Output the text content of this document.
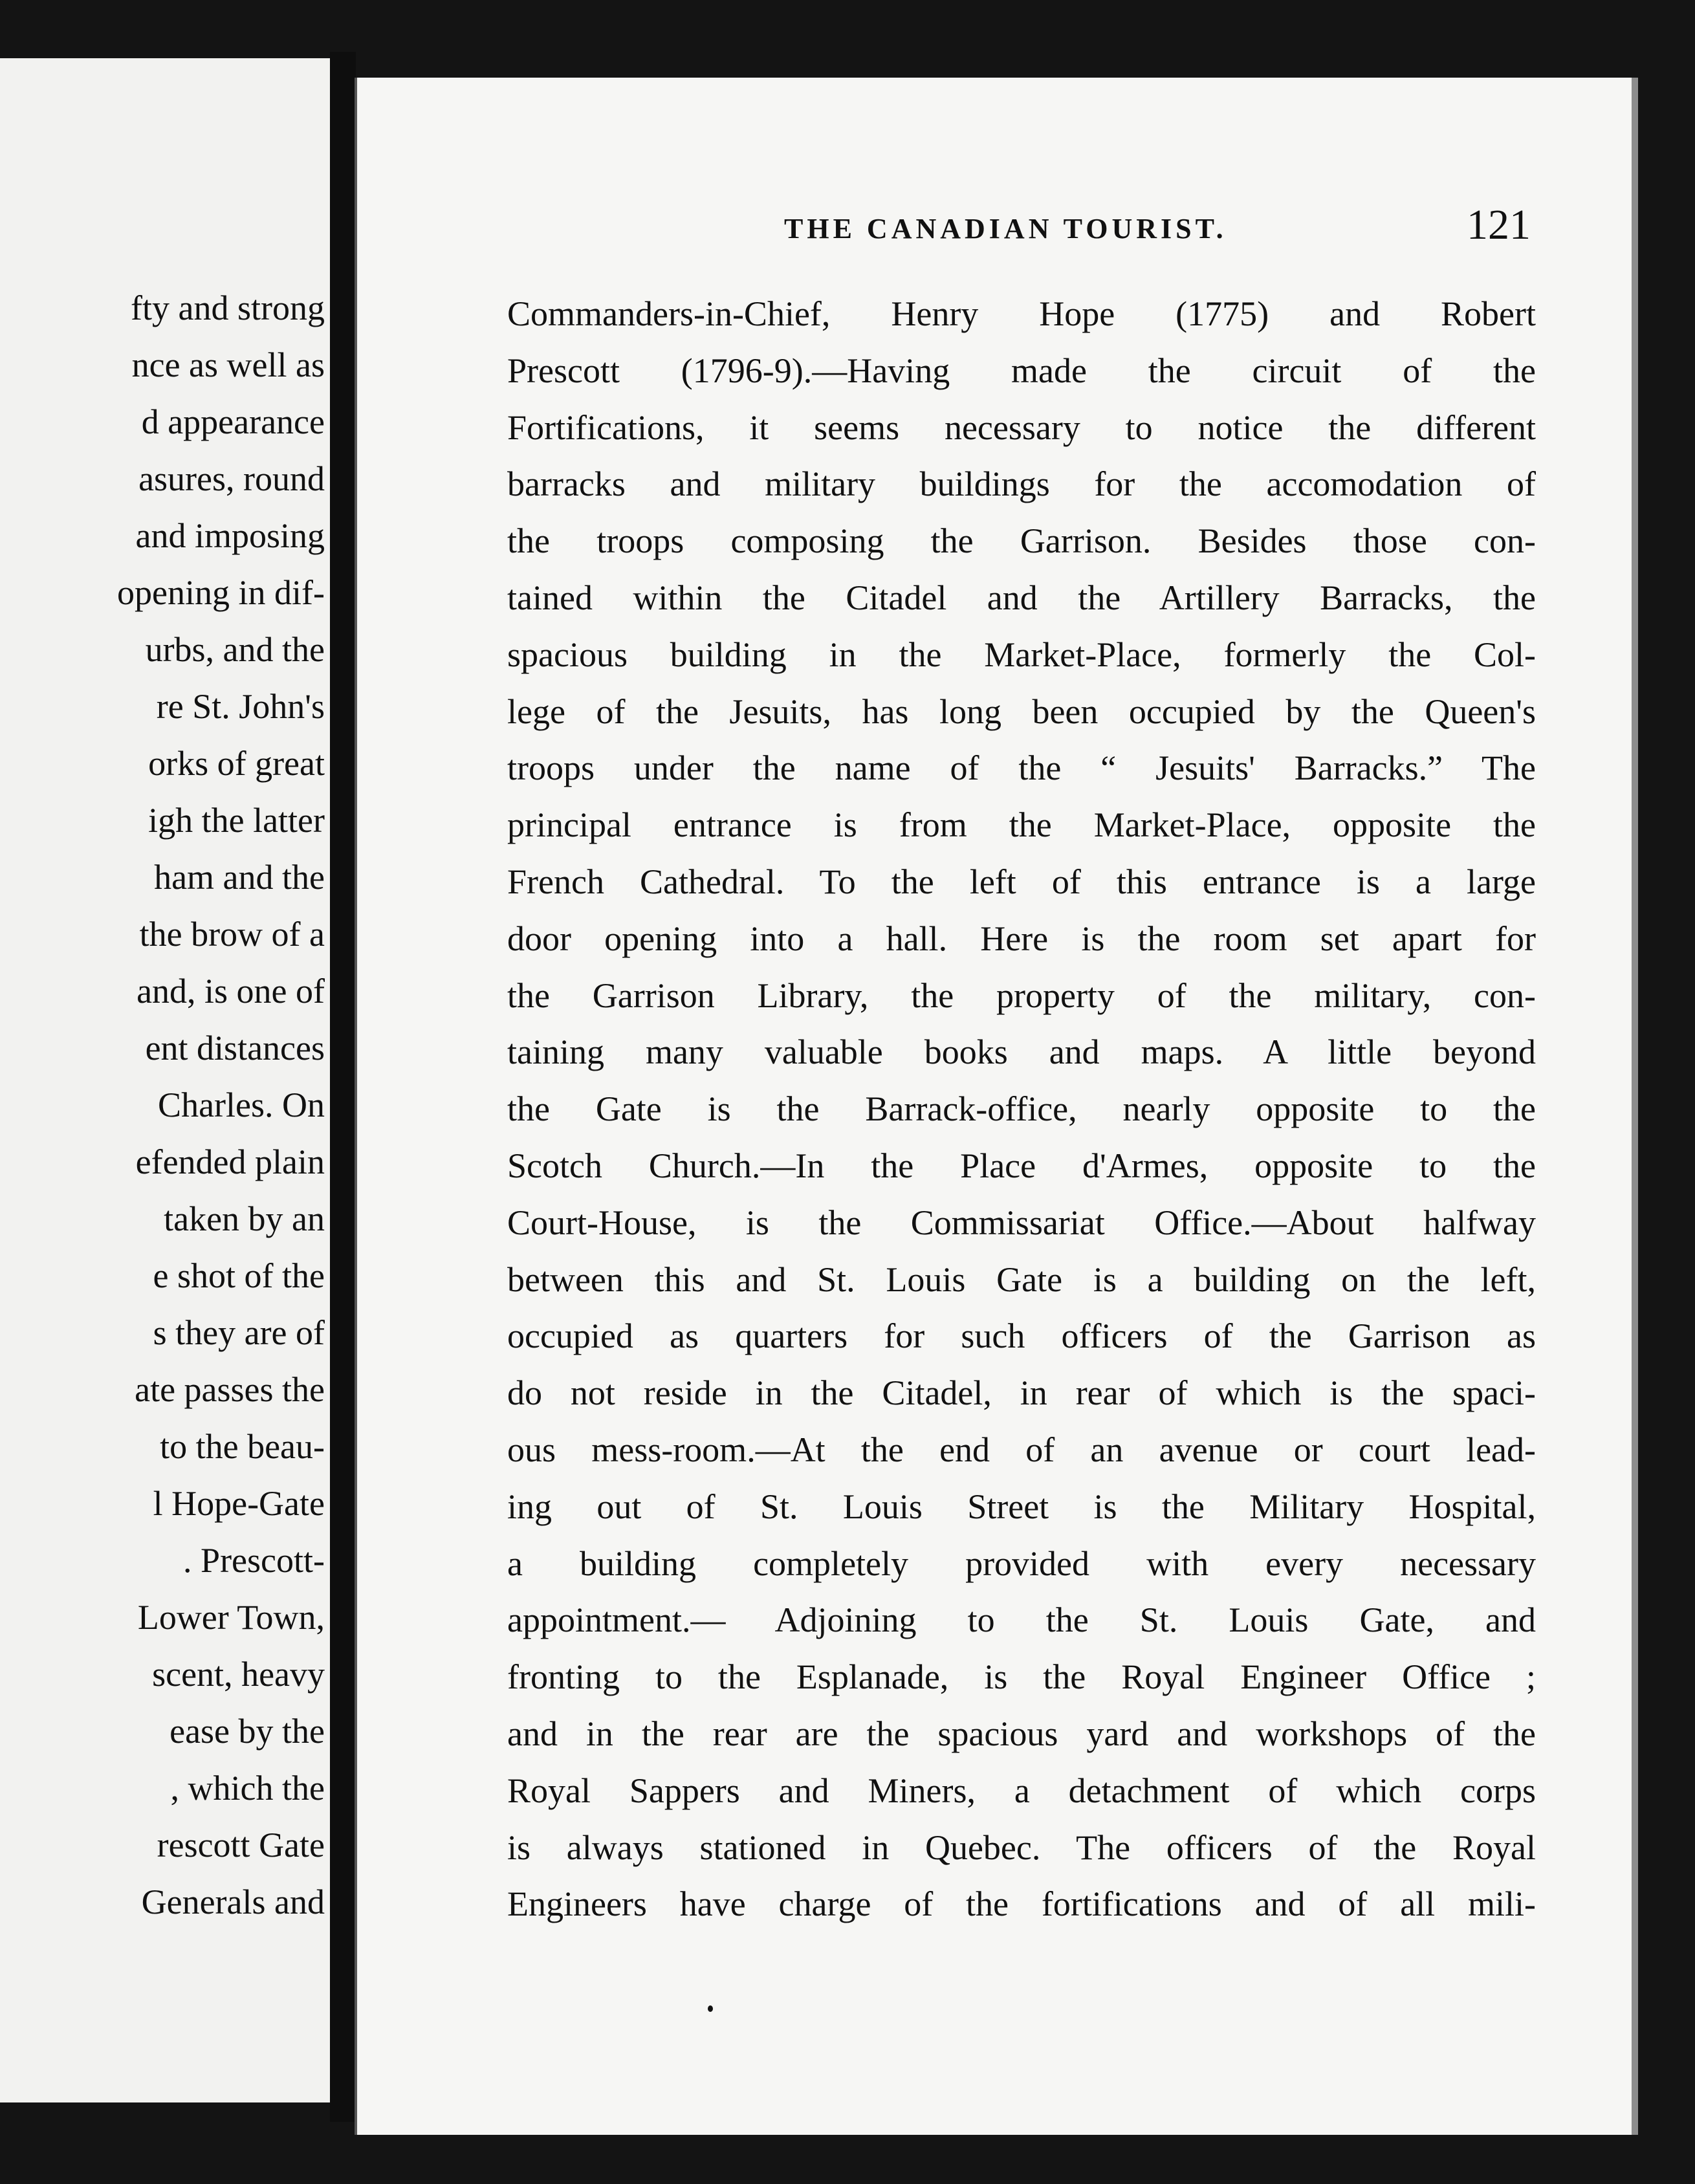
fty and strong
nce as well as
d appearance
asures, round
and imposing
opening in dif-
urbs, and the
re St. John's
orks of great
igh the latter
ham and the
the brow of a
and, is one of
ent distances
Charles. On
efended plain
taken by an
e shot of the
s they are of
ate passes the
to the beau-
l Hope-Gate
. Prescott-
Lower Town,
scent, heavy
ease by the
, which the
rescott Gate
Generals and
THE CANADIAN TOURIST.	121
Commanders-in-Chief, Henry Hope (1775) and Robert
Prescott (1796-9).—Having made the circuit of the
Fortifications, it seems necessary to notice the different
barracks and military buildings for the accomodation of
the troops composing the Garrison. Besides those con-
tained within the Citadel and the Artillery Barracks, the
spacious building in the Market-Place, formerly the Col-
lege of the Jesuits, has long been occupied by the Queen's
troops under the name of the “ Jesuits' Barracks.” The
principal entrance is from the Market-Place, opposite the
French Cathedral. To the left of this entrance is a large
door opening into a hall. Here is the room set apart for
the Garrison Library, the property of the military, con-
taining many valuable books and maps. A little beyond
the Gate is the Barrack-office, nearly opposite to the
Scotch Church.—In the Place d'Armes, opposite to the
Court-House, is the Commissariat Office.—About halfway
between this and St. Louis Gate is a building on the left,
occupied as quarters for such officers of the Garrison as
do not reside in the Citadel, in rear of which is the spaci-
ous mess-room.—At the end of an avenue or court lead-
ing out of St. Louis Street is the Military Hospital,
a building completely provided with every necessary
appointment.— Adjoining to the St. Louis Gate, and
fronting to the Esplanade, is the Royal Engineer Office ;
and in the rear are the spacious yard and workshops of the
Royal Sappers and Miners, a detachment of which corps
is always stationed in Quebec. The officers of the Royal
Engineers have charge of the fortifications and of all mili-
